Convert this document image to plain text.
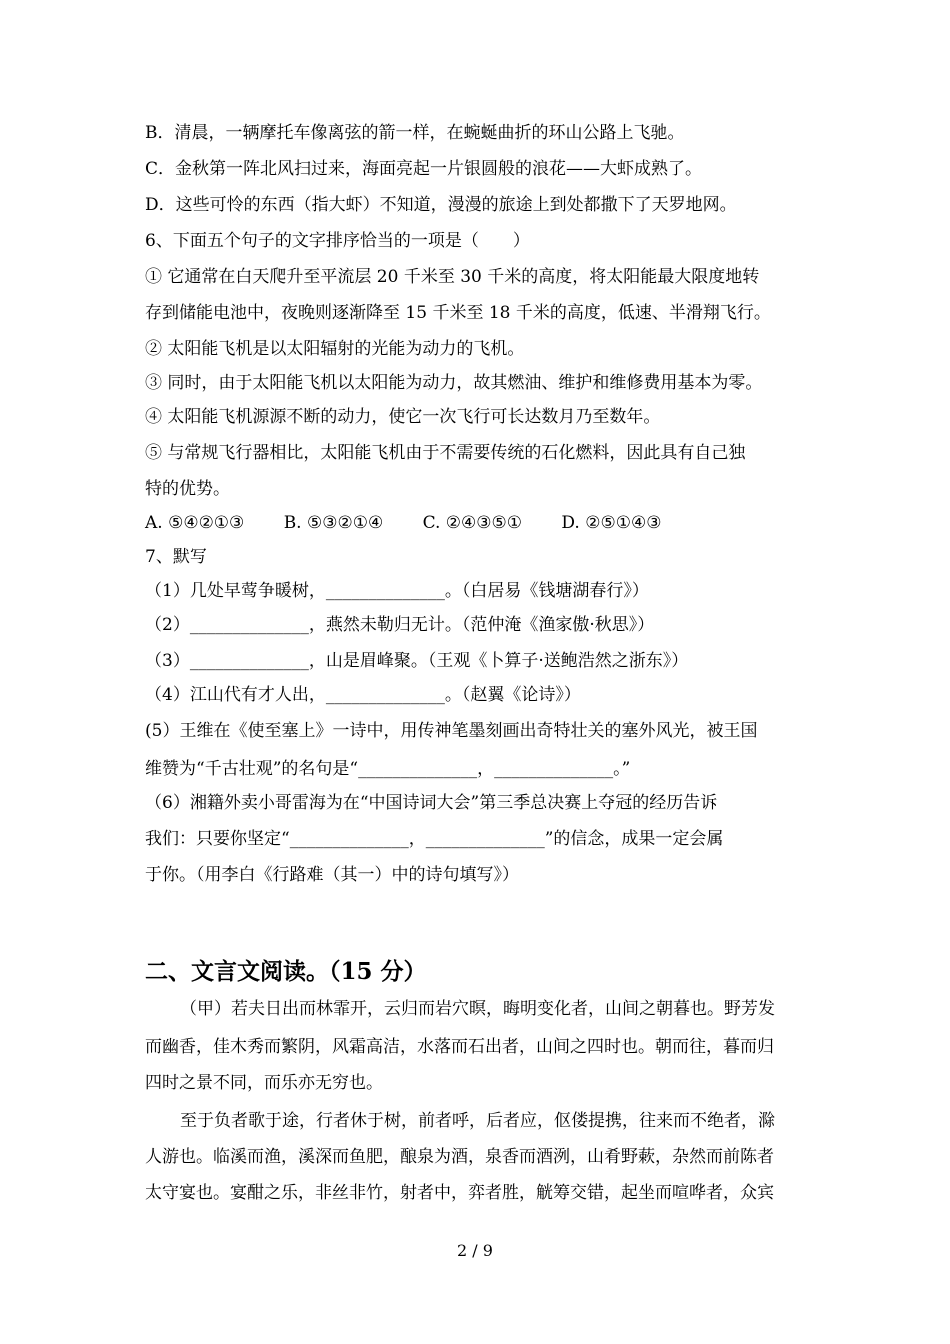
B．清晨，一辆摩托车像离弦的箭一样，在蜿蜒曲折的环山公路上飞驰。
C．金秋第一阵北风扫过来，海面亮起一片银圆般的浪花——大虾成熟了。
D．这些可怜的东西（指大虾）不知道，漫漫的旅途上到处都撒下了天罗地网。
6、下面五个句子的文字排序恰当的一项是（　　）
① 它通常在白天爬升至平流层 20 千米至 30 千米的高度，将太阳能最大限度地转
存到储能电池中，夜晚则逐渐降至 15 千米至 18 千米的高度，低速、半滑翔飞行。
② 太阳能飞机是以太阳辐射的光能为动力的飞机。
③ 同时，由于太阳能飞机以太阳能为动力，故其燃油、维护和维修费用基本为零。
④ 太阳能飞机源源不断的动力，使它一次飞行可长达数月乃至数年。
⑤ 与常规飞行器相比，太阳能飞机由于不需要传统的石化燃料，因此具有自己独
特的优势。
A. ⑤④②①③　　 B. ⑤③②①④　　 C. ②④③⑤①　　 D. ②⑤①④③
7、默写
（1）几处早莺争暖树，______________。（白居易《钱塘湖春行》）
（2）______________，燕然未勒归无计。（范仲淹《渔家傲·秋思》）
（3）______________，山是眉峰聚。（王观《卜算子·送鲍浩然之浙东》）
（4）江山代有才人出，______________。（赵翼《论诗》）
(5）王维在《使至塞上》一诗中，用传神笔墨刻画出奇特壮关的塞外风光，被王国
维赞为“千古壮观”的名句是“______________，______________。”
（6）湘籍外卖小哥雷海为在“中国诗词大会”第三季总决赛上夺冠的经历告诉
我们：只要你坚定“______________，______________”的信念，成果一定会属
于你。（用李白《行路难（其一）中的诗句填写》）
二、文言文阅读。（15 分）
（甲）若夫日出而林霏开，云归而岩穴暝，晦明变化者，山间之朝暮也。野芳发
而幽香，佳木秀而繁阴，风霜高洁，水落而石出者，山间之四时也。朝而往，暮而归
四时之景不同，而乐亦无穷也。
至于负者歌于途，行者休于树，前者呼，后者应，伛偻提携，往来而不绝者，滁
人游也。临溪而渔，溪深而鱼肥，酿泉为酒，泉香而酒洌，山肴野蔌，杂然而前陈者
太守宴也。宴酣之乐，非丝非竹，射者中，弈者胜，觥筹交错，起坐而喧哗者，众宾
2 / 9
